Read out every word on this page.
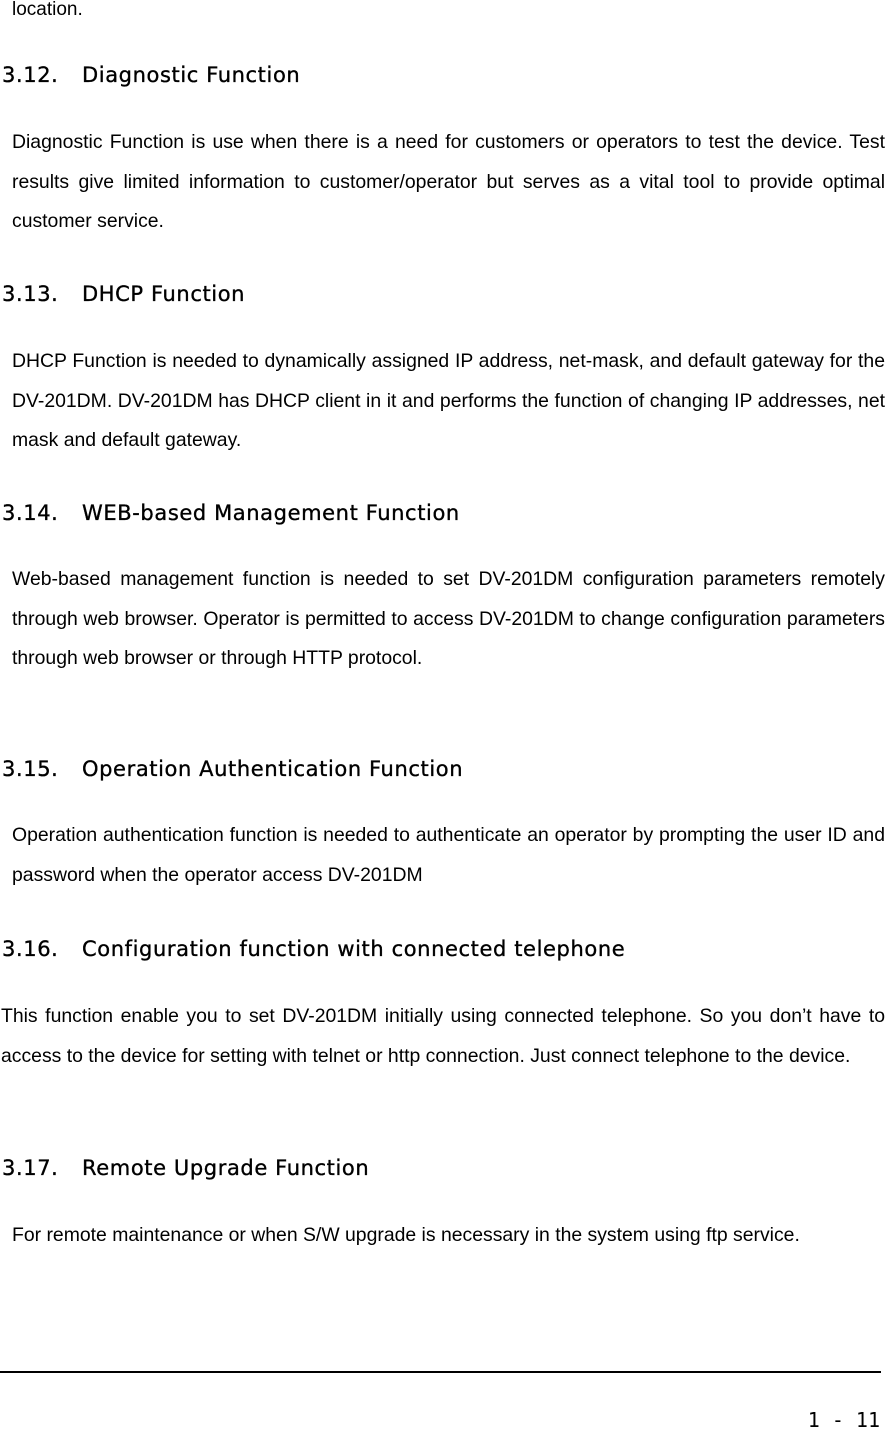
location.

3.12. Diagnostic Function

Diagnostic Function is use when there is a need for customers or operators to test the device. Test results give limited information to customer/operator but serves as a vital tool to provide optimal customer service.

3.13. DHCP Function

DHCP Function is needed to dynamically assigned IP address, net-mask, and default gateway for the DV-201DM. DV-201DM has DHCP client in it and performs the function of changing IP addresses, net mask and default gateway.

3.14. WEB-based Management Function

Web-based management function is needed to set DV-201DM configuration parameters remotely through web browser. Operator is permitted to access DV-201DM to change configuration parameters through web browser or through HTTP protocol.

3.15. Operation Authentication Function

Operation authentication function is needed to authenticate an operator by prompting the user ID and password when the operator access DV-201DM

3.16. Configuration function with connected telephone

This function enable you to set DV-201DM initially using connected telephone. So you don’t have to access to the device for setting with telnet or http connection. Just connect telephone to the device.

3.17. Remote Upgrade Function

For remote maintenance or when S/W upgrade is necessary in the system using ftp service.

1 - 11
